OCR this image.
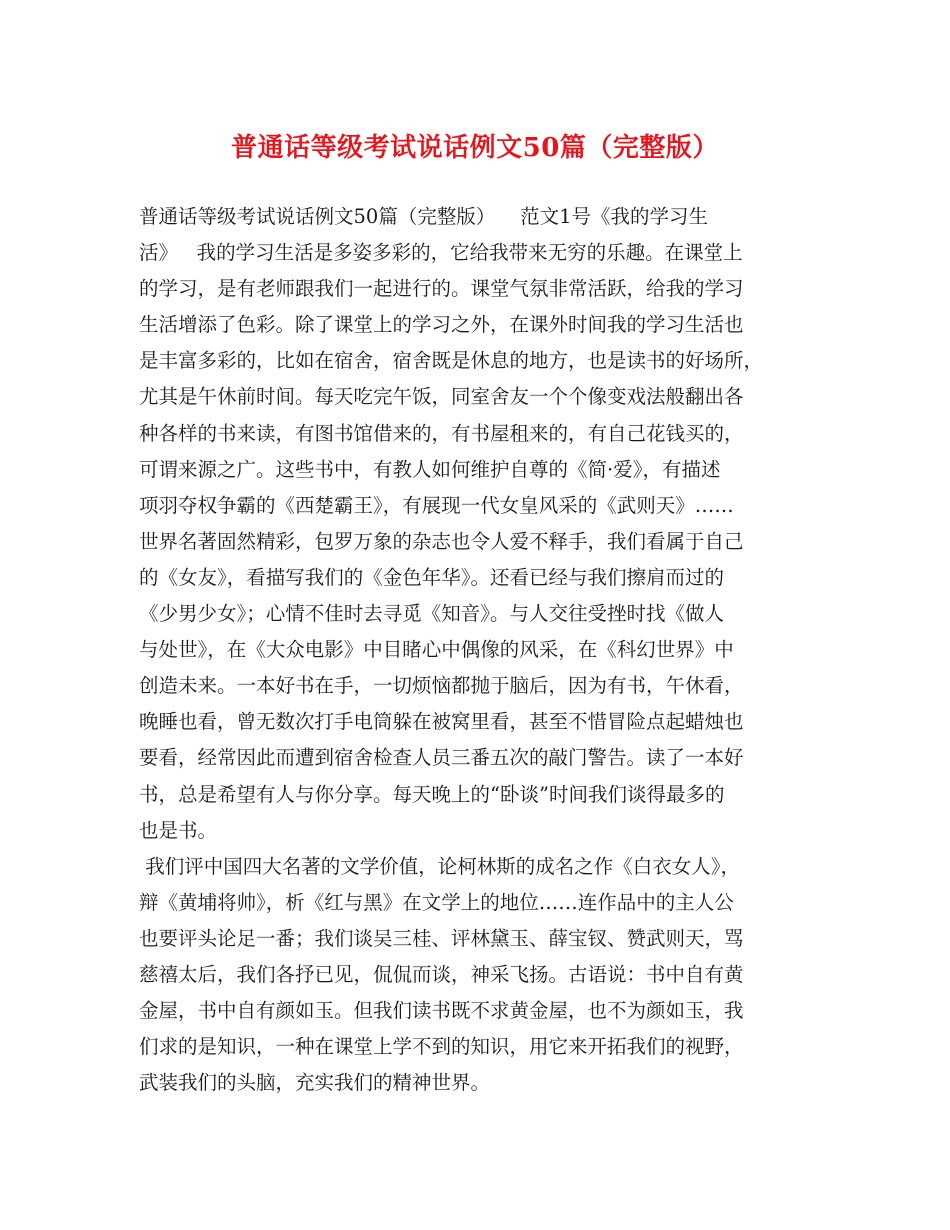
普通话等级考试说话例文50篇（完整版）

普通话等级考试说话例文50篇（完整版）    范文1号《我的学习生

活》   我的学习生活是多姿多彩的，它给我带来无穷的乐趣。在课堂上

的学习，是有老师跟我们一起进行的。课堂气氛非常活跃，给我的学习

生活增添了色彩。除了课堂上的学习之外，在课外时间我的学习生活也

是丰富多彩的，比如在宿舍，宿舍既是休息的地方，也是读书的好场所，

尤其是午休前时间。每天吃完午饭，同室舍友一个个像变戏法般翻出各

种各样的书来读，有图书馆借来的，有书屋租来的，有自己花钱买的，

可谓来源之广。这些书中，有教人如何维护自尊的《简·爱》，有描述

项羽夺权争霸的《西楚霸王》，有展现一代女皇风采的《武则天》……

世界名著固然精彩，包罗万象的杂志也令人爱不释手，我们看属于自己

的《女友》，看描写我们的《金色年华》。还看已经与我们擦肩而过的

《少男少女》；心情不佳时去寻觅《知音》。与人交往受挫时找《做人

与处世》，在《大众电影》中目睹心中偶像的风采，在《科幻世界》中

创造未来。一本好书在手，一切烦恼都抛于脑后，因为有书，午休看，

晚睡也看，曾无数次打手电筒躲在被窝里看，甚至不惜冒险点起蜡烛也

要看，经常因此而遭到宿舍检查人员三番五次的敲门警告。读了一本好

书，总是希望有人与你分享。每天晚上的“卧谈”时间我们谈得最多的

也是书。

我们评中国四大名著的文学价值，论柯林斯的成名之作《白衣女人》，

辩《黄埔将帅》，析《红与黑》在文学上的地位……连作品中的主人公

也要评头论足一番；我们谈吴三桂、评林黛玉、薛宝钗、赞武则天，骂

慈禧太后，我们各抒已见，侃侃而谈，神采飞扬。古语说：书中自有黄

金屋，书中自有颜如玉。但我们读书既不求黄金屋，也不为颜如玉，我

们求的是知识，一种在课堂上学不到的知识，用它来开拓我们的视野，

武装我们的头脑，充实我们的精神世界。
